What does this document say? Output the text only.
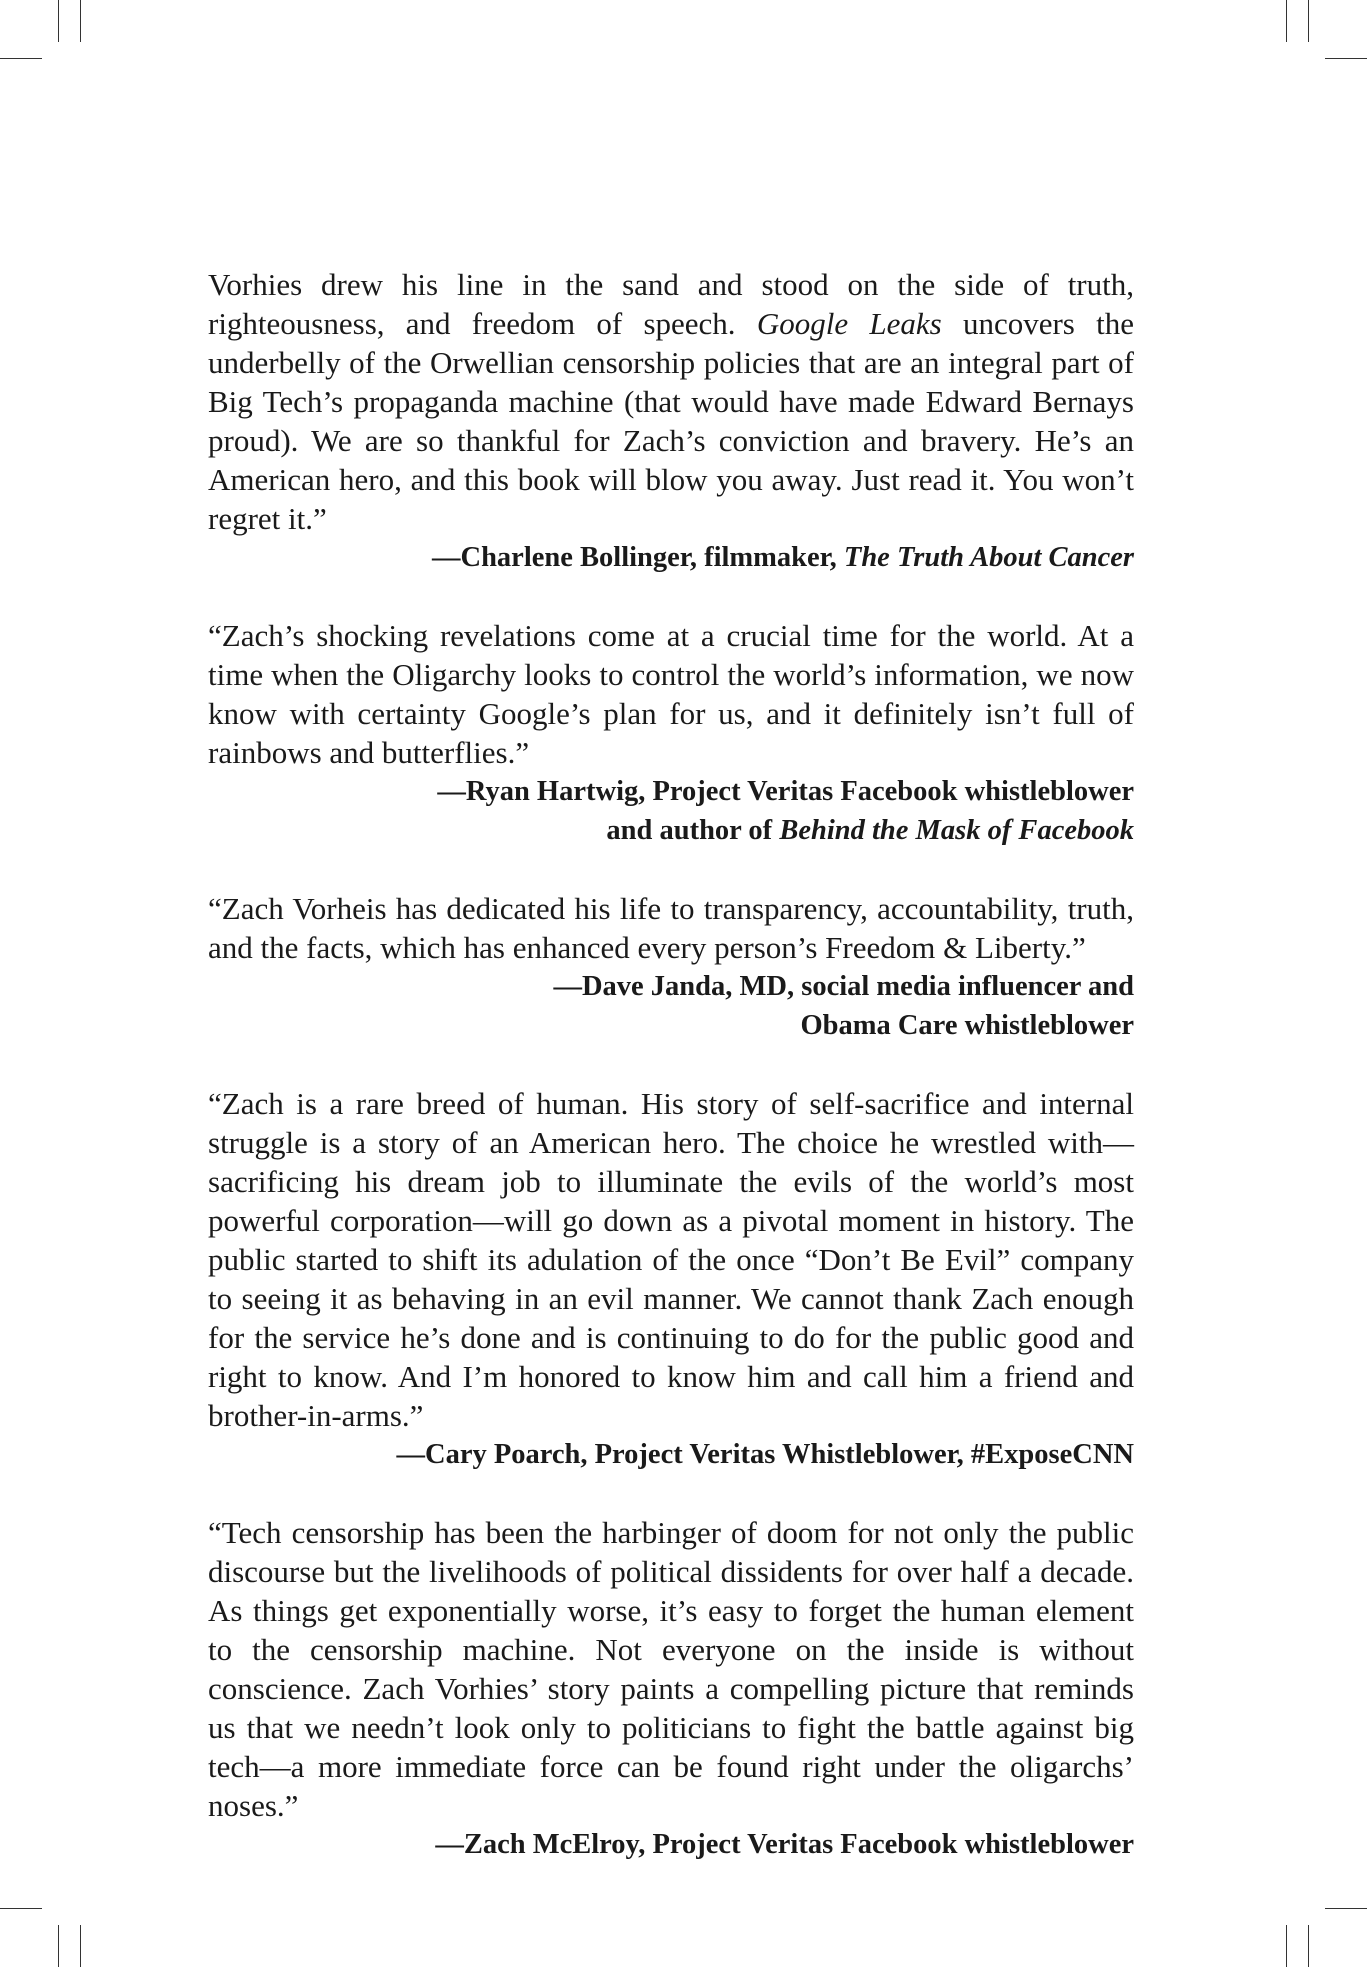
Vorhies drew his line in the sand and stood on the side of truth, righteousness, and freedom of speech. Google Leaks uncovers the underbelly of the Orwellian censorship policies that are an integral part of Big Tech’s propaganda machine (that would have made Edward Bernays proud). We are so thankful for Zach’s conviction and bravery. He’s an American hero, and this book will blow you away. Just read it. You won’t regret it.”

—Charlene Bollinger, filmmaker, The Truth About Cancer

“Zach’s shocking revelations come at a crucial time for the world. At a time when the Oligarchy looks to control the world’s information, we now know with certainty Google’s plan for us, and it definitely isn’t full of rainbows and butterflies.”

—Ryan Hartwig, Project Veritas Facebook whistleblower
and author of Behind the Mask of Facebook

“Zach Vorheis has dedicated his life to transparency, accountability, truth, and the facts, which has enhanced every person’s Freedom & Liberty.”

—Dave Janda, MD, social media influencer and
Obama Care whistleblower

“Zach is a rare breed of human. His story of self-sacrifice and internal struggle is a story of an American hero. The choice he wrestled with—sacrificing his dream job to illuminate the evils of the world’s most powerful corporation—will go down as a pivotal moment in history. The public started to shift its adulation of the once “Don’t Be Evil” company to seeing it as behaving in an evil manner. We cannot thank Zach enough for the service he’s done and is continuing to do for the public good and right to know. And I’m honored to know him and call him a friend and brother-in-arms.”

—Cary Poarch, Project Veritas Whistleblower, #ExposeCNN

“Tech censorship has been the harbinger of doom for not only the public discourse but the livelihoods of political dissidents for over half a decade. As things get exponentially worse, it’s easy to forget the human element to the censorship machine. Not everyone on the inside is without conscience. Zach Vorhies’ story paints a compelling picture that reminds us that we needn’t look only to politicians to fight the battle against big tech—a more immediate force can be found right under the oligarchs’ noses.”

—Zach McElroy, Project Veritas Facebook whistleblower
